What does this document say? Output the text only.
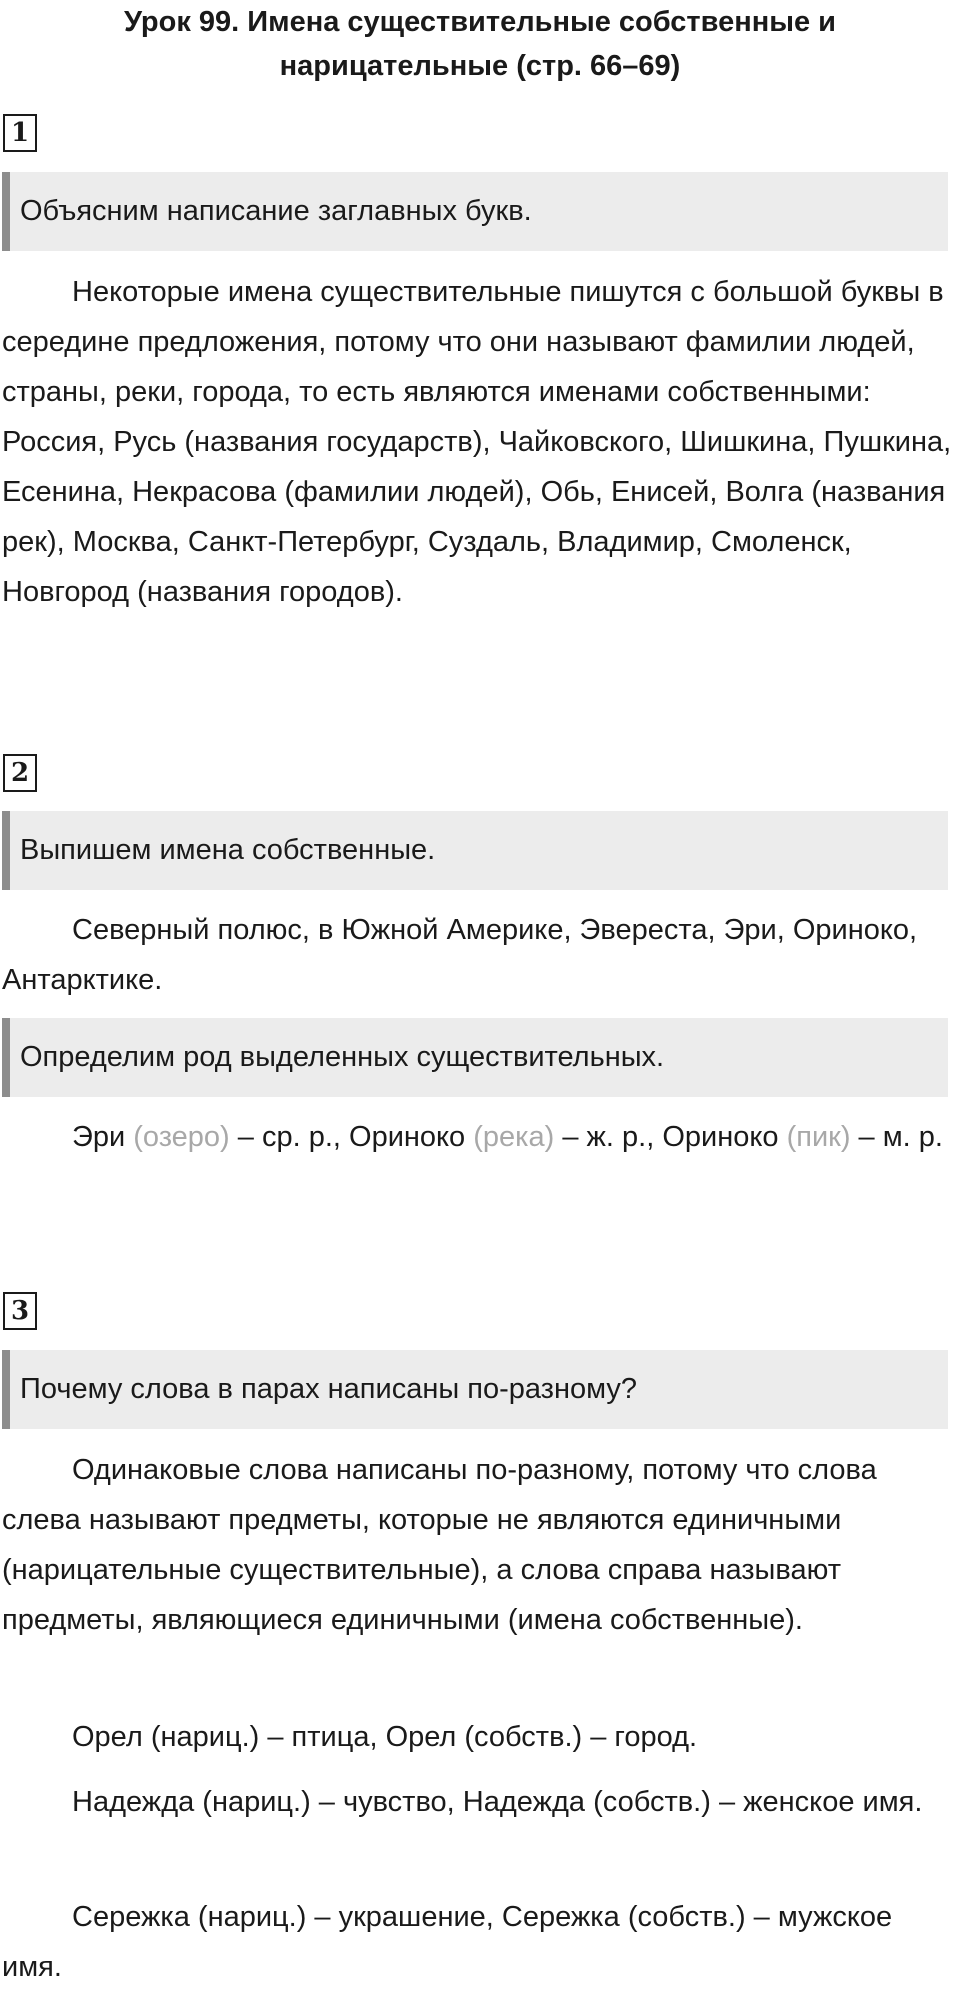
Урок 99. Имена существительные собственные и
нарицательные (стр. 66–69)
1
Объясним написание заглавных букв.

Некоторые имена существительные пишутся с большой буквы в середине предложения, потому что они называют фамилии людей, страны, реки, города, то есть являются именами собственными: Россия, Русь (названия государств), Чайковского, Шишкина, Пушкина, Есенина, Некрасова (фамилии людей), Обь, Енисей, Волга (названия рек), Москва, Санкт-Петербург, Суздаль, Владимир, Смоленск, Новгород (названия городов).

2
Выпишем имена собственные.

Северный полюс, в Южной Америке, Эвереста, Эри, Ориноко, Антарктике.

Определим род выделенных существительных.

Эри (озеро) – ср. р., Ориноко (река) – ж. р., Ориноко (пик) – м. р.

3
Почему слова в парах написаны по-разному?

Одинаковые слова написаны по-разному, потому что слова слева называют предметы, которые не являются единичными (нарицательные существительные), а слова справа называют предметы, являющиеся единичными (имена собственные).

Орел (нариц.) – птица, Орел (собств.) – город.

Надежда (нариц.) – чувство, Надежда (собств.) – женское имя.

Сережка (нариц.) – украшение, Сережка (собств.) – мужское имя.
